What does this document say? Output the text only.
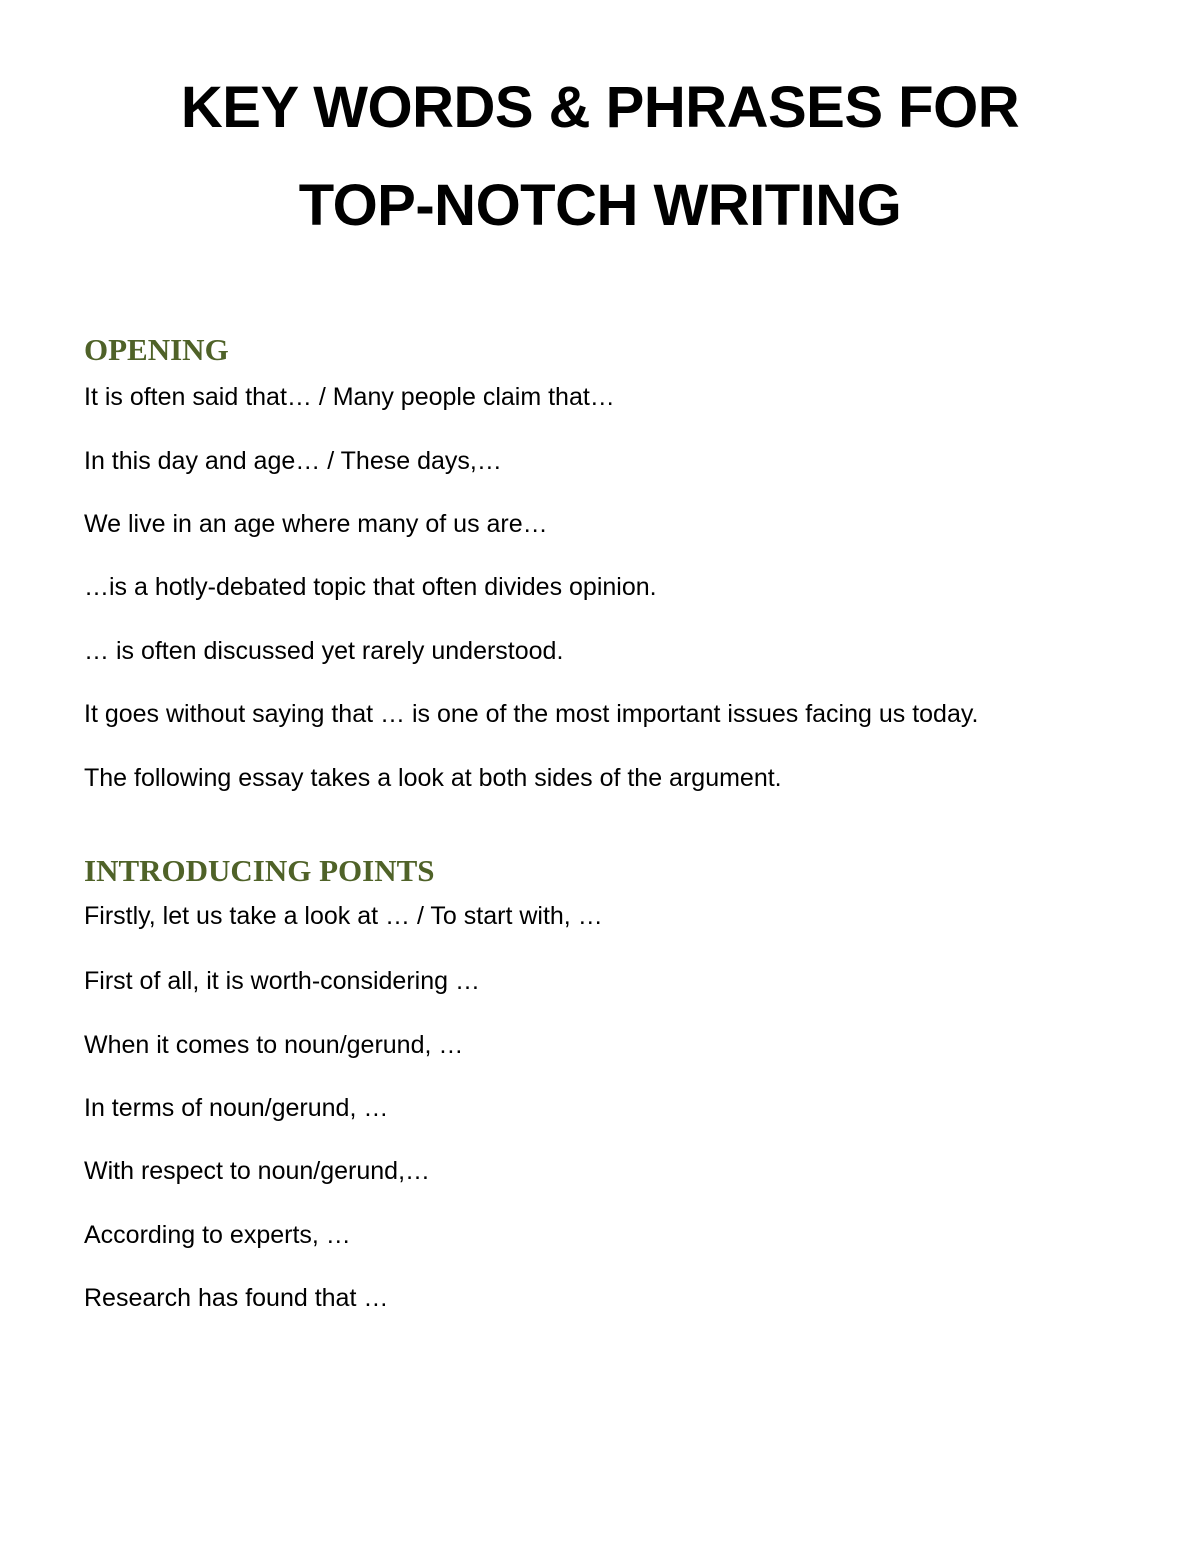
KEY WORDS & PHRASES FOR
TOP-NOTCH WRITING
OPENING

It is often said that… / Many people claim that…

In this day and age… / These days,…

We live in an age where many of us are…

…is a hotly-debated topic that often divides opinion.

… is often discussed yet rarely understood.

It goes without saying that … is one of the most important issues facing us today.

The following essay takes a look at both sides of the argument.

INTRODUCING POINTS

Firstly, let us take a look at … / To start with, …

First of all, it is worth-considering …

When it comes to noun/gerund, …

In terms of noun/gerund, …

With respect to noun/gerund,…

According to experts, …

Research has found that …
